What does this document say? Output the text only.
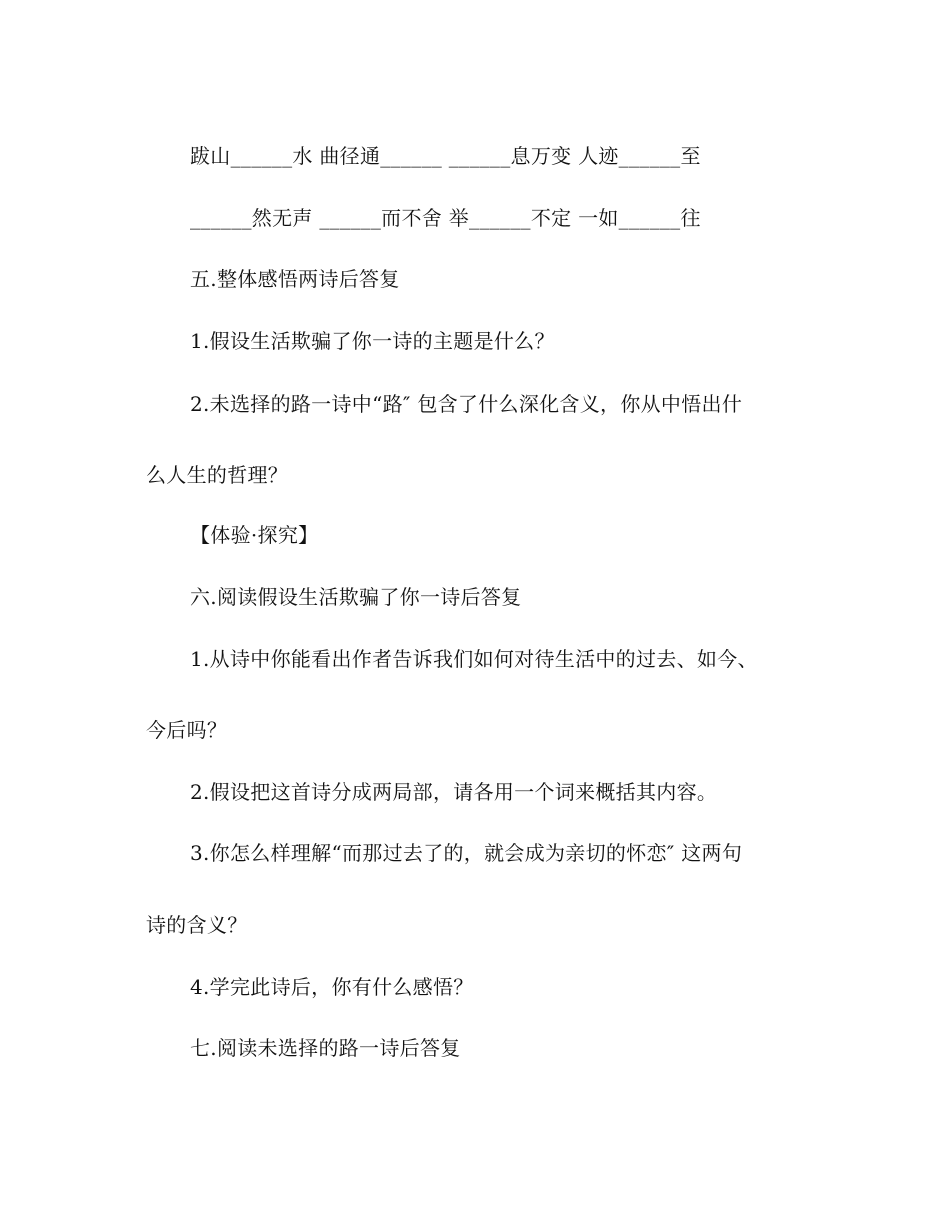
跋山______水 曲径通______ ______息万变 人迹______至
______然无声 ______而不舍 举______不定 一如______往
五.整体感悟两诗后答复
1.假设生活欺骗了你一诗的主题是什么？
2.未选择的路一诗中“路″ 包含了什么深化含义，你从中悟出什
么人生的哲理？
【体验·探究】
六.阅读假设生活欺骗了你一诗后答复
1.从诗中你能看出作者告诉我们如何对待生活中的过去、如今、
今后吗？
2.假设把这首诗分成两局部，请各用一个词来概括其内容。
3.你怎么样理解“而那过去了的，就会成为亲切的怀恋″ 这两句
诗的含义？
4.学完此诗后，你有什么感悟？
七.阅读未选择的路一诗后答复
